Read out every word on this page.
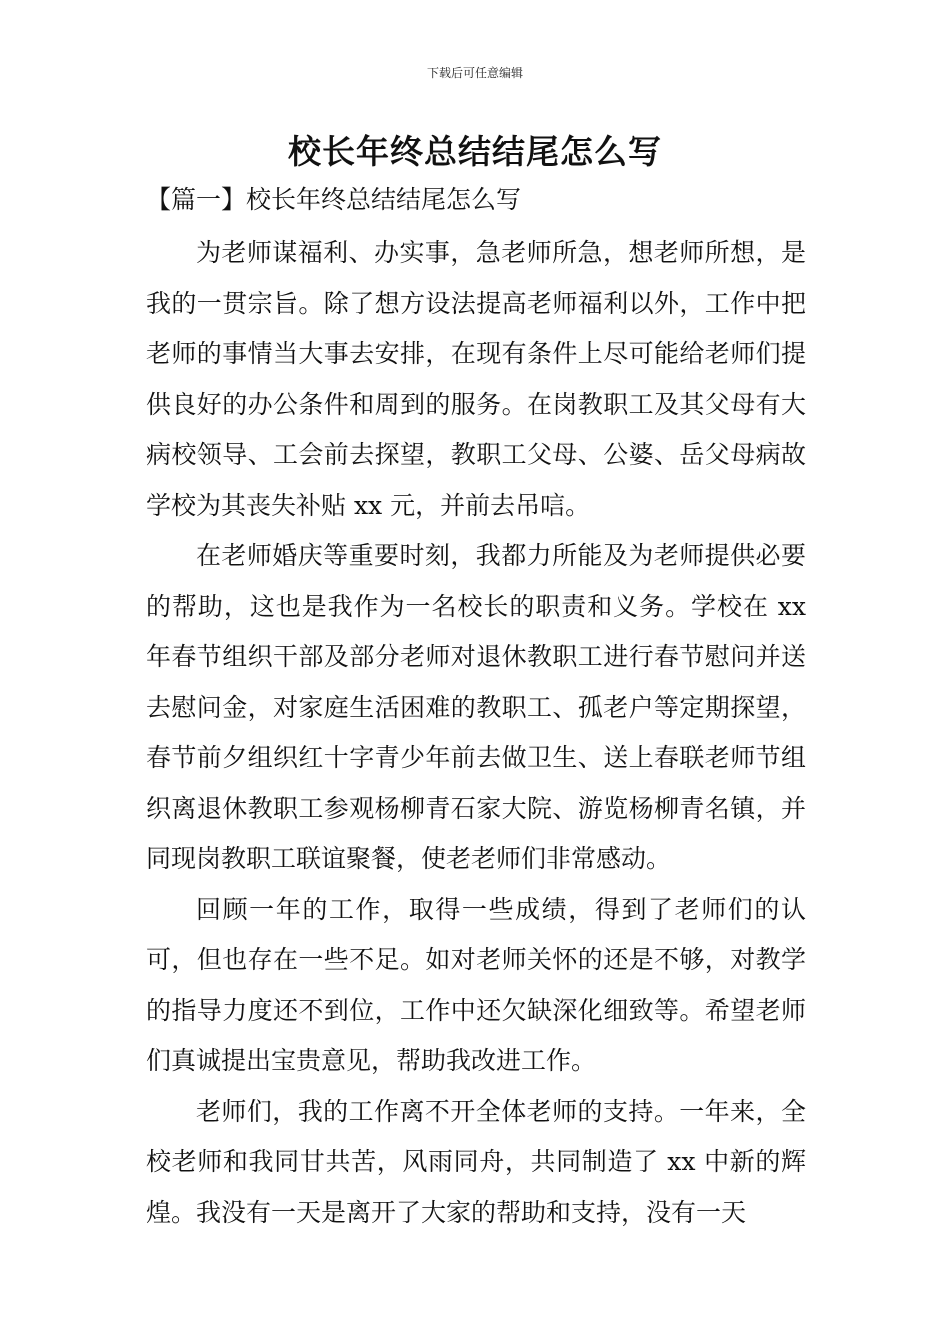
下载后可任意编辑
校长年终总结结尾怎么写
【篇一】校长年终总结结尾怎么写

为老师谋福利、办实事，急老师所急，想老师所想，是我的一贯宗旨。除了想方设法提高老师福利以外，工作中把老师的事情当大事去安排，在现有条件上尽可能给老师们提供良好的办公条件和周到的服务。在岗教职工及其父母有大病校领导、工会前去探望，教职工父母、公婆、岳父母病故学校为其丧失补贴 xx 元，并前去吊唁。

在老师婚庆等重要时刻，我都力所能及为老师提供必要的帮助，这也是我作为一名校长的职责和义务。学校在 xx 年春节组织干部及部分老师对退休教职工进行春节慰问并送去慰问金，对家庭生活困难的教职工、孤老户等定期探望，春节前夕组织红十字青少年前去做卫生、送上春联老师节组织离退休教职工参观杨柳青石家大院、游览杨柳青名镇，并同现岗教职工联谊聚餐，使老老师们非常感动。

回顾一年的工作，取得一些成绩，得到了老师们的认可，但也存在一些不足。如对老师关怀的还是不够，对教学的指导力度还不到位，工作中还欠缺深化细致等。希望老师们真诚提出宝贵意见，帮助我改进工作。

老师们，我的工作离不开全体老师的支持。一年来，全校老师和我同甘共苦，风雨同舟，共同制造了 xx 中新的辉煌。我没有一天是离开了大家的帮助和支持，没有一天
